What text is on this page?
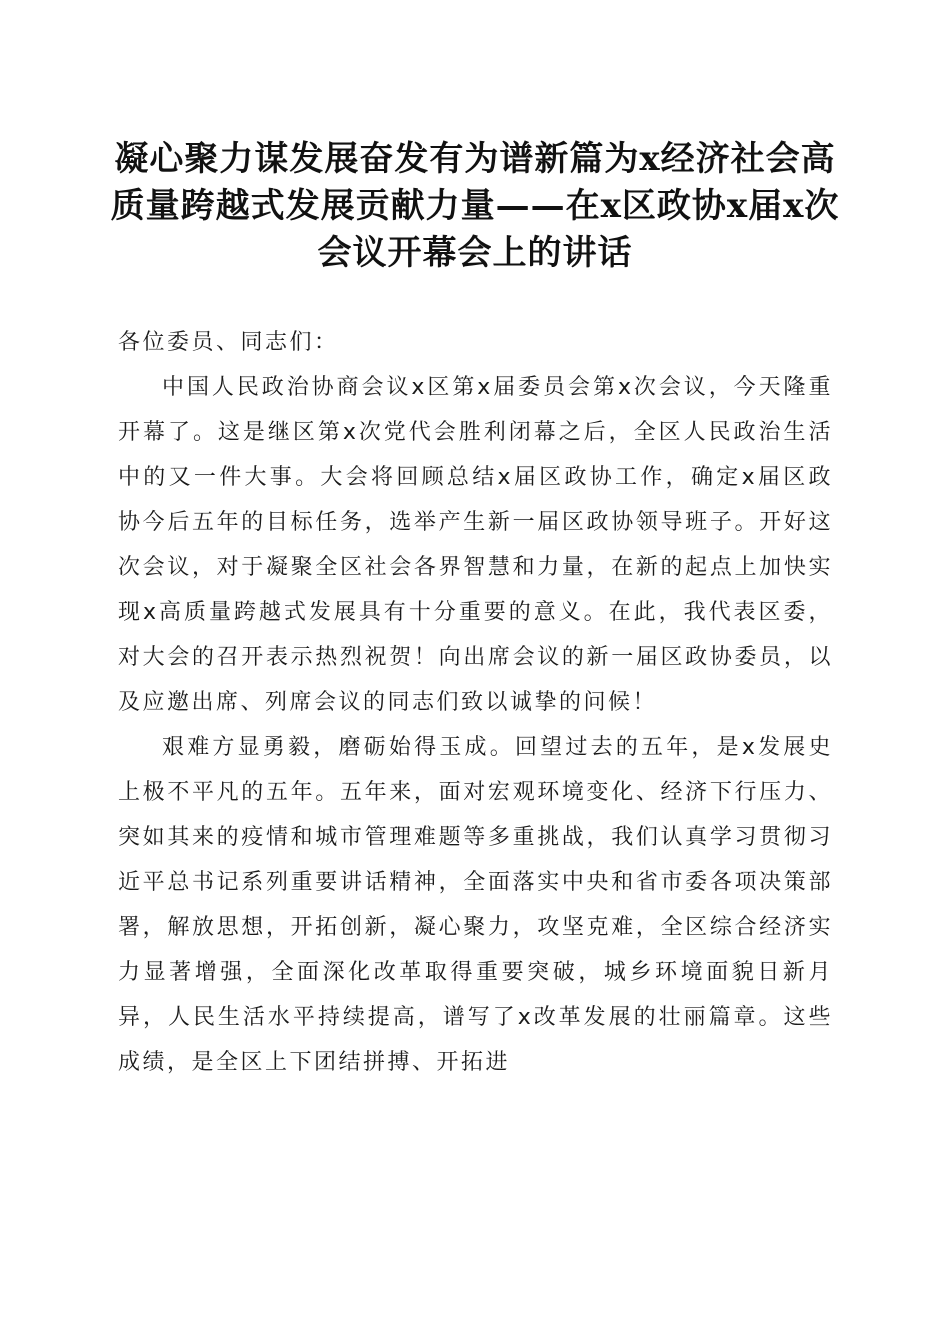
凝心聚力谋发展奋发有为谱新篇为x经济社会高质量跨越式发展贡献力量——在x区政协x届x次会议开幕会上的讲话

各位委员、同志们：

中国人民政治协商会议x区第x届委员会第x次会议，今天隆重开幕了。这是继区第x次党代会胜利闭幕之后，全区人民政治生活中的又一件大事。大会将回顾总结x届区政协工作，确定x届区政协今后五年的目标任务，选举产生新一届区政协领导班子。开好这次会议，对于凝聚全区社会各界智慧和力量，在新的起点上加快实现x高质量跨越式发展具有十分重要的意义。在此，我代表区委，对大会的召开表示热烈祝贺！向出席会议的新一届区政协委员，以及应邀出席、列席会议的同志们致以诚挚的问候！

艰难方显勇毅，磨砺始得玉成。回望过去的五年，是x发展史上极不平凡的五年。五年来，面对宏观环境变化、经济下行压力、突如其来的疫情和城市管理难题等多重挑战，我们认真学习贯彻习近平总书记系列重要讲话精神，全面落实中央和省市委各项决策部署，解放思想，开拓创新，凝心聚力，攻坚克难，全区综合经济实力显著增强，全面深化改革取得重要突破，城乡环境面貌日新月异，人民生活水平持续提高，谱写了x改革发展的壮丽篇章。这些成绩，是全区上下团结拼搏、开拓进
